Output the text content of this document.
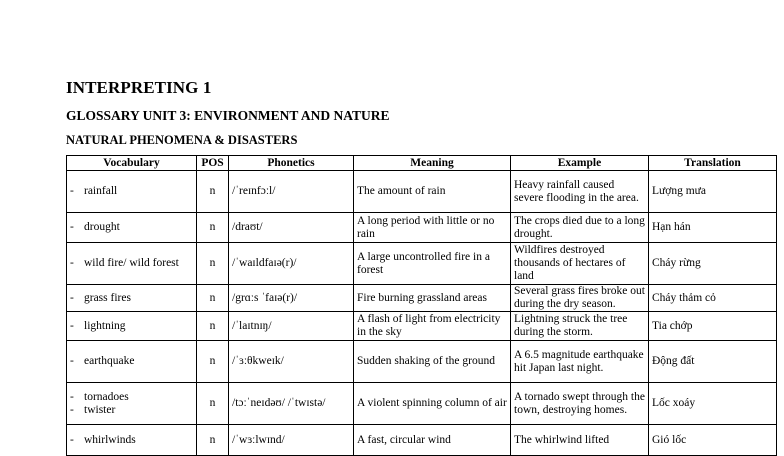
INTERPRETING 1
GLOSSARY UNIT 3: ENVIRONMENT AND NATURE
NATURAL PHENOMENA & DISASTERS
Vocabulary	POS	Phonetics	Meaning	Example	Translation

- rainfall	n	/ˈreɪnfɔːl/	The amount of rain	Heavy rainfall caused severe flooding in the area.	Lượng mưa

- drought	n	/draʊt/	A long period with little or no rain	The crops died due to a long drought.	Hạn hán

- wild fire/ wild forest	n	/ˈwaɪldfaɪə(r)/	A large uncontrolled fire in a forest	Wildfires destroyed thousands of hectares of land	Cháy rừng

- grass fires	n	/grɑːs ˈfaɪə(r)/	Fire burning grassland areas	Several grass fires broke out during the dry season.	Cháy thảm cỏ

- lightning	n	/ˈlaɪtnɪŋ/	A flash of light from electricity in the sky	Lightning struck the tree during the storm.	Tia chớp

- earthquake	n	/ˈɜːθkweɪk/	Sudden shaking of the ground	A 6.5 magnitude earthquake hit Japan last night.	Động đất

- tornadoes
- twister	n	/tɔːˈneɪdəʊ/ /ˈtwɪstə/	A violent spinning column of air	A tornado swept through the town, destroying homes.	Lốc xoáy

- whirlwinds	n	/ˈwɜːlwɪnd/	A fast, circular wind	The whirlwind lifted	Gió lốc
